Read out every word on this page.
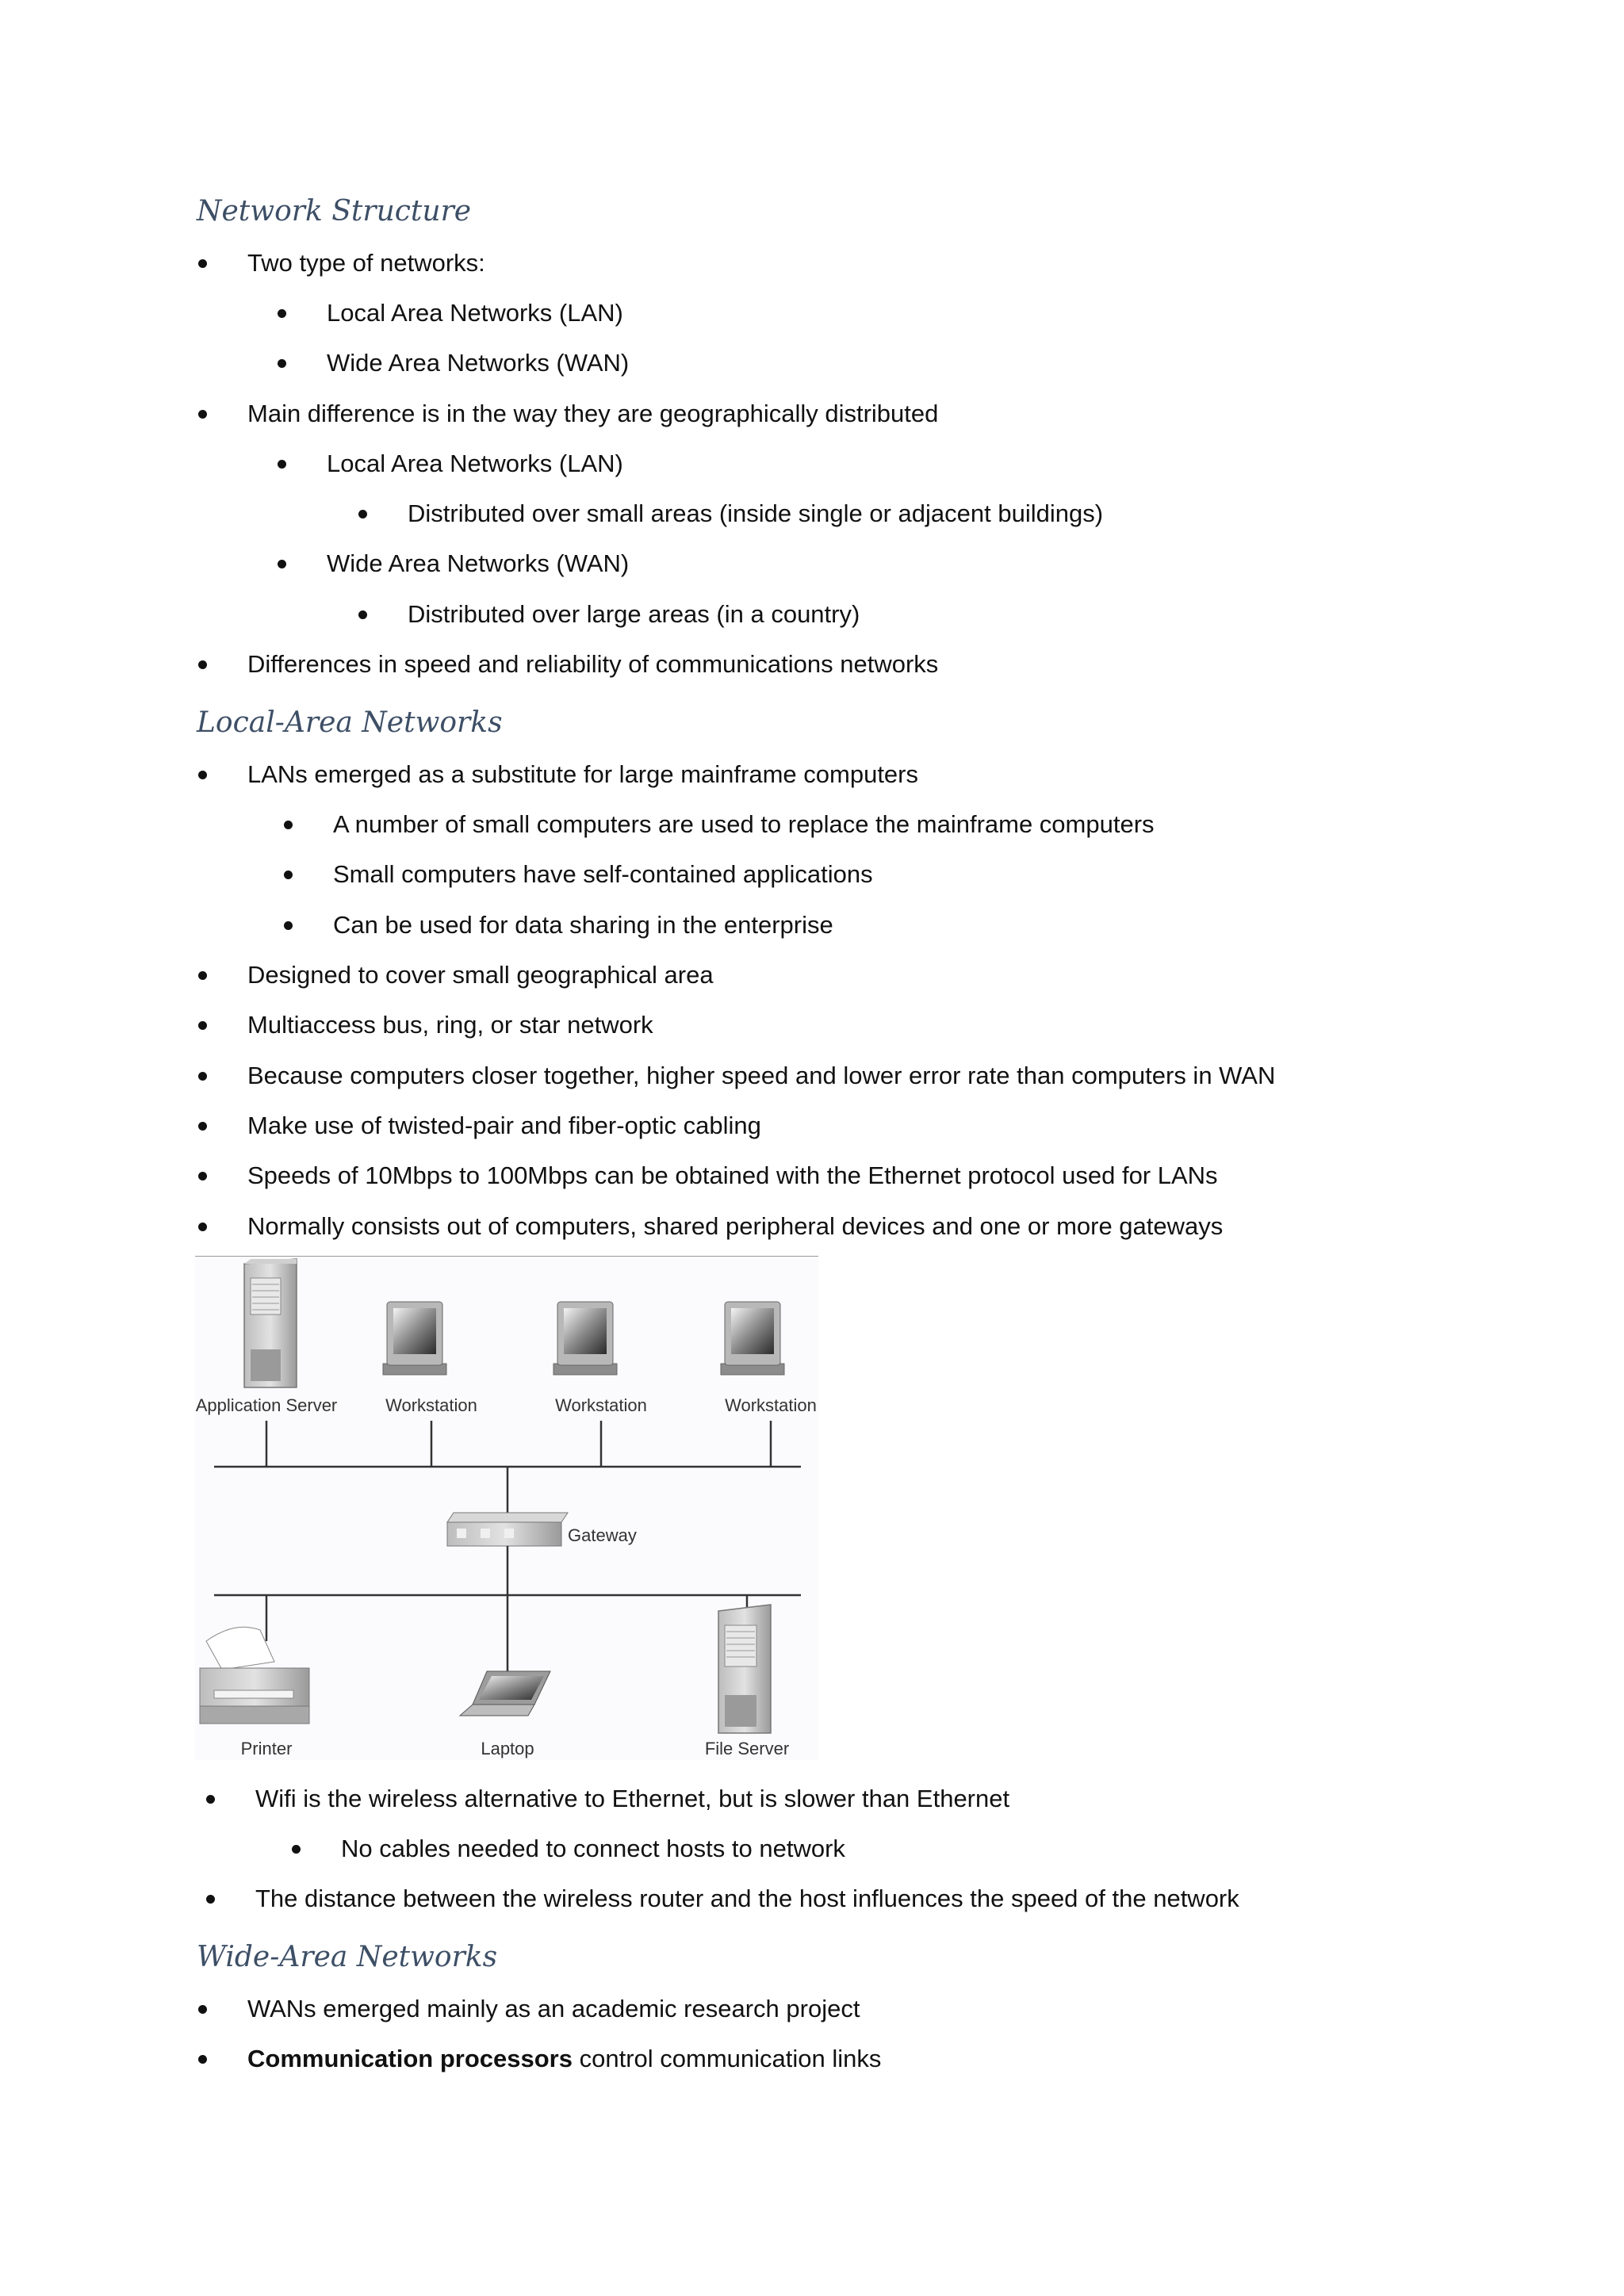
Network Structure
Two type of networks:
Local Area Networks (LAN)
Wide Area Networks (WAN)
Main difference is in the way they are geographically distributed
Local Area Networks (LAN)
Distributed over small areas (inside single or adjacent buildings)
Wide Area Networks (WAN)
Distributed over large areas (in a country)
Differences in speed and reliability of communications networks
Local-Area Networks
LANs emerged as a substitute for large mainframe computers
A number of small computers are used to replace the mainframe computers
Small computers have self-contained applications
Can be used for data sharing in the enterprise
Designed to cover small geographical area
Multiaccess bus, ring, or star network
Because computers closer together, higher speed and lower error rate than computers in WAN
Make use of twisted-pair and fiber-optic cabling
Speeds of 10Mbps to 100Mbps can be obtained with the Ethernet protocol used for LANs
Normally consists out of computers, shared peripheral devices and one or more gateways
Application Server	Workstation	Workstation	Workstation
Gateway
Printer	Laptop	File Server
Wifi is the wireless alternative to Ethernet, but is slower than Ethernet
No cables needed to connect hosts to network
The distance between the wireless router and the host influences the speed of the network
Wide-Area Networks
WANs emerged mainly as an academic research project
Communication processors control communication links
